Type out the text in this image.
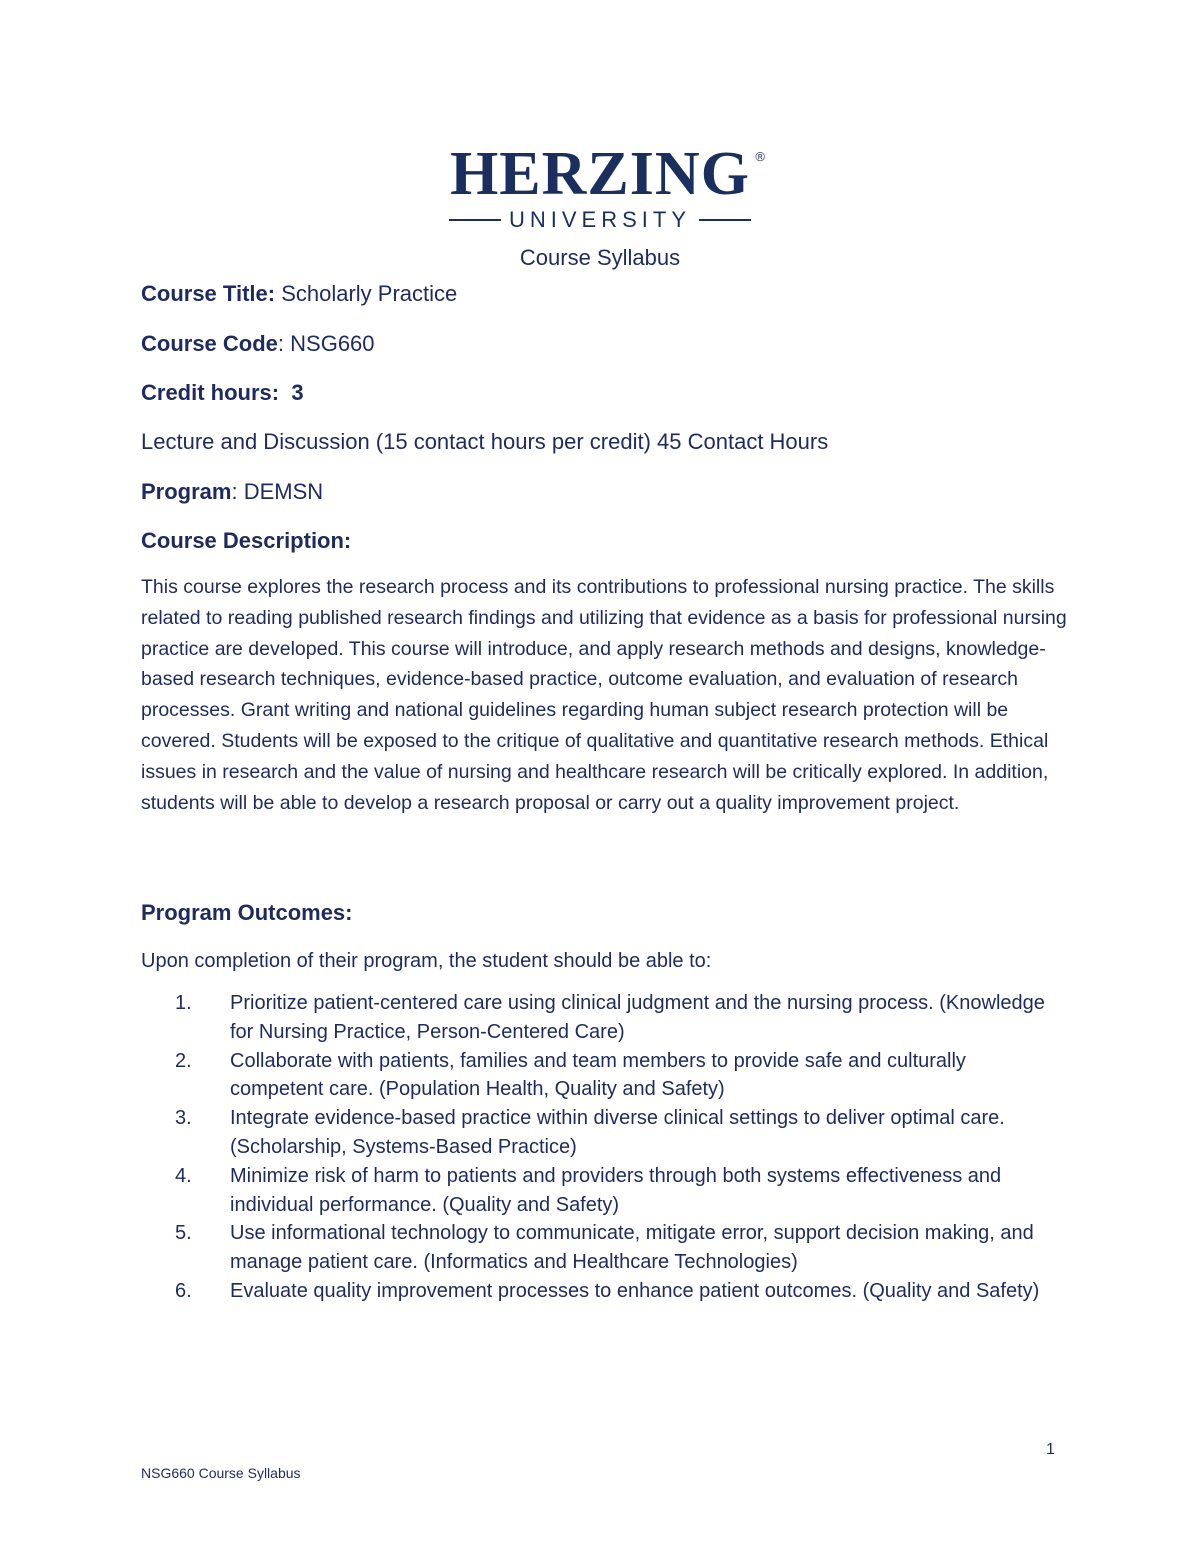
HERZING ®
UNIVERSITY
Course Syllabus
Course Title: Scholarly Practice
Course Code: NSG660
Credit hours: 3
Lecture and Discussion (15 contact hours per credit) 45 Contact Hours
Program: DEMSN
Course Description:

This course explores the research process and its contributions to professional nursing practice. The skills related to reading published research findings and utilizing that evidence as a basis for professional nursing practice are developed. This course will introduce, and apply research methods and designs, knowledge-based research techniques, evidence-based practice, outcome evaluation, and evaluation of research processes. Grant writing and national guidelines regarding human subject research protection will be covered. Students will be exposed to the critique of qualitative and quantitative research methods. Ethical issues in research and the value of nursing and healthcare research will be critically explored. In addition, students will be able to develop a research proposal or carry out a quality improvement project.

Program Outcomes:

Upon completion of their program, the student should be able to:

1. Prioritize patient-centered care using clinical judgment and the nursing process. (Knowledge for Nursing Practice, Person-Centered Care)
2. Collaborate with patients, families and team members to provide safe and culturally competent care. (Population Health, Quality and Safety)
3. Integrate evidence-based practice within diverse clinical settings to deliver optimal care. (Scholarship, Systems-Based Practice)
4. Minimize risk of harm to patients and providers through both systems effectiveness and individual performance. (Quality and Safety)
5. Use informational technology to communicate, mitigate error, support decision making, and manage patient care. (Informatics and Healthcare Technologies)
6. Evaluate quality improvement processes to enhance patient outcomes. (Quality and Safety)
1
NSG660 Course Syllabus
